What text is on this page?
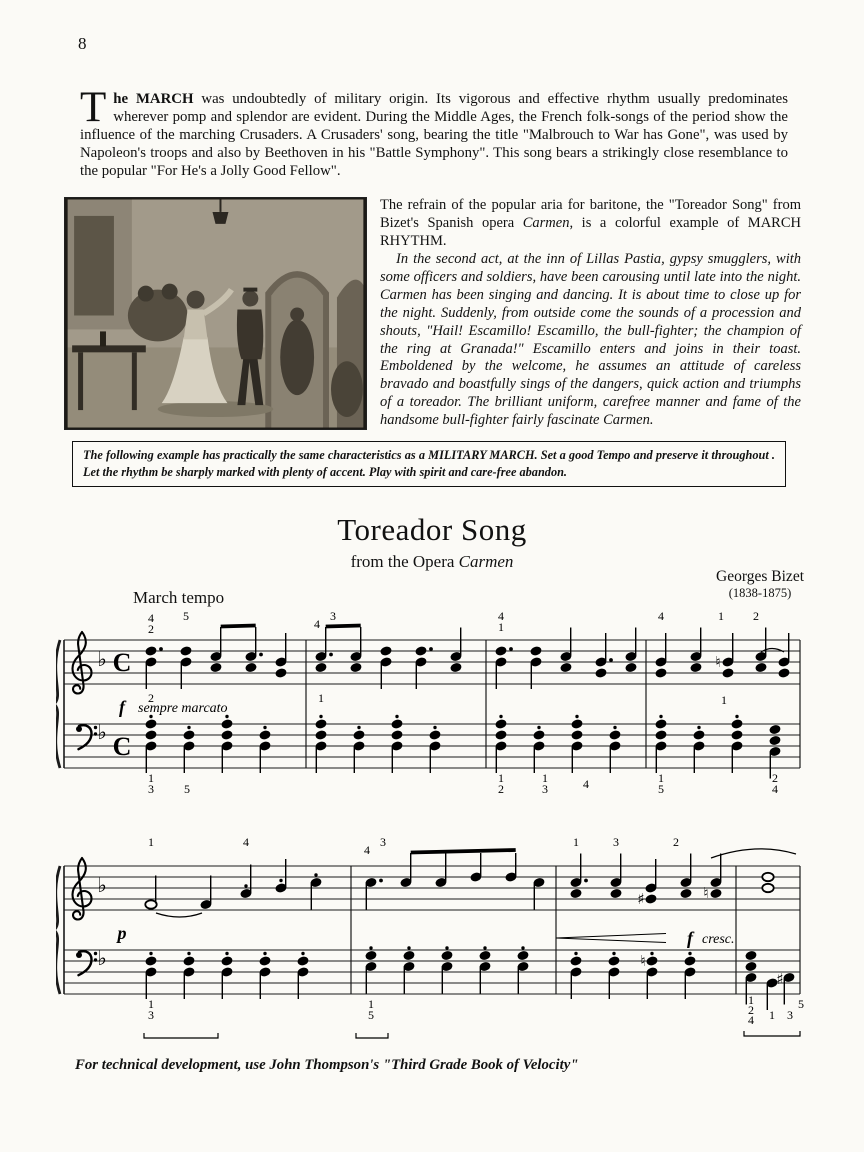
8

The MARCH was undoubtedly of military origin. Its vigorous and effective rhythm usually predominates wherever pomp and splendor are evident. During the Middle Ages, the French folk-songs of the period show the influence of the marching Crusaders. A Crusaders' song, bearing the title "Malbrouch to War has Gone", was used by Napoleon's troops and also by Beethoven in his "Battle Symphony". This song bears a strikingly close resemblance to the popular "For He's a Jolly Good Fellow".

The refrain of the popular aria for baritone, the "Toreador Song" from Bizet's Spanish opera Carmen, is a colorful example of MARCH RHYTHM.

In the second act, at the inn of Lillas Pastia, gypsy smugglers, with some officers and soldiers, have been carousing until late into the night. Carmen has been singing and dancing. It is about time to close up for the night. Suddenly, from outside come the sounds of a procession and shouts, "Hail! Escamillo! Escamillo, the bull-fighter; the champion of the ring at Granada!" Escamillo enters and joins in their toast. Emboldened by the welcome, he assumes an attitude of careless bravado and boastfully sings of the dangers, quick action and triumphs of a toreador. The brilliant uniform, carefree manner and fame of the handsome bull-fighter fairly fascinate Carmen.

The following example has practically the same characteristics as a MILITARY MARCH. Set a good Tempo and preserve it throughout . Let the rhythm be sharply marked with plenty of accent. Play with spirit and care-free abandon.
Toreador Song
from the Opera Carmen
Georges Bizet
(1838-1875)
March tempo
♭
♭
C
C
♮
4
2
5
4
3	4
1
4	1 2
2	1	1
f sempre marcato
1
3	5
1
2
1
3	4	1
5
2
4
♭
♭
♯	♮
♮
♯
1	4
4
3	1	3	2
p	f cresc.
1
3
1
5
1
2
4 1 3
5
For technical development, use John Thompson's "Third Grade Book of Velocity"
